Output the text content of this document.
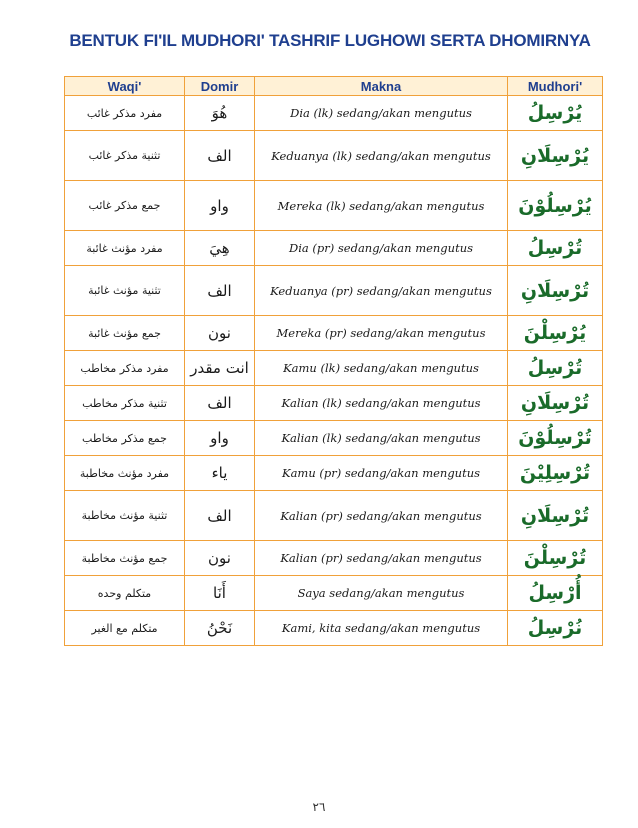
BENTUK FI'IL MUDHORI' TASHRIF LUGHOWI SERTA DHOMIRNYA
Waqi'	Domir	Makna	Mudhori'
مفرد مذكر غائب	هُوَ	Dia (lk) sedang/akan mengutus	يُرْسِلُ
تثنية مذكر غائب	الف	Keduanya (lk) sedang/akan mengutus	يُرْسِلَانِ
جمع مذكر غائب	واو	Mereka (lk) sedang/akan mengutus	يُرْسِلُوْنَ
مفرد مؤنث غائبة	هِيَ	Dia (pr) sedang/akan mengutus	تُرْسِلُ
تثنية مؤنث غائبة	الف	Keduanya (pr) sedang/akan mengutus	تُرْسِلَانِ
جمع مؤنث غائبة	نون	Mereka (pr) sedang/akan mengutus	يُرْسِلْنَ
مفرد مذكر مخاطب	انت مقدر	Kamu (lk) sedang/akan mengutus	تُرْسِلُ
تثنية مذكر مخاطب	الف	Kalian (lk) sedang/akan mengutus	تُرْسِلَانِ
جمع مذكر مخاطب	واو	Kalian (lk) sedang/akan mengutus	تُرْسِلُوْنَ
مفرد مؤنث مخاطبة	ياء	Kamu (pr) sedang/akan mengutus	تُرْسِلِيْنَ
تثنية مؤنث مخاطبة	الف	Kalian (pr) sedang/akan mengutus	تُرْسِلَانِ
جمع مؤنث مخاطبة	نون	Kalian (pr) sedang/akan mengutus	تُرْسِلْنَ
متكلم وحده	أَنَا	Saya sedang/akan mengutus	أُرْسِلُ
متكلم مع الغير	نَحْنُ	Kami, kita sedang/akan mengutus	نُرْسِلُ
٢٦
